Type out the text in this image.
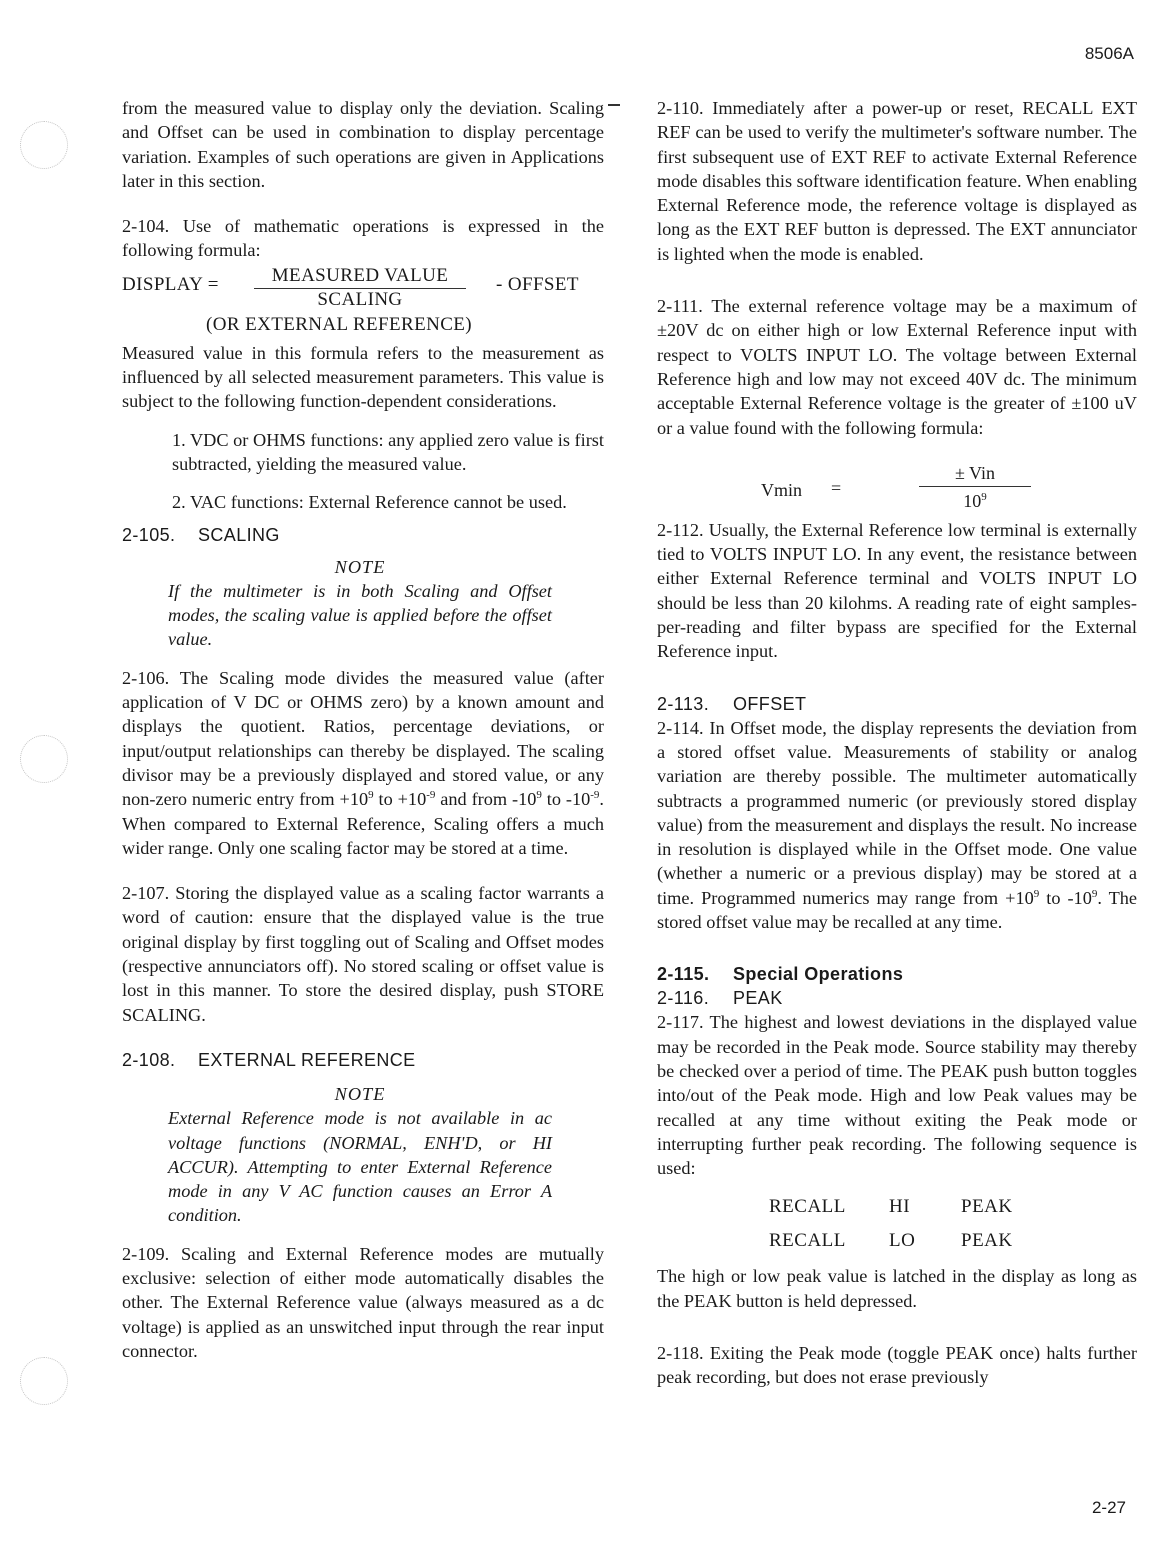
8506A

from the measured value to display only the deviation. Scaling and Offset can be used in combination to display percentage variation. Examples of such operations are given in Applications later in this section.

2-104. Use of mathematic operations is expressed in the following formula:

DISPLAY =	MEASURED VALUE
SCALING
- OFFSET
(OR EXTERNAL REFERENCE)

Measured value in this formula refers to the measurement as influenced by all selected measurement parameters. This value is subject to the following function-dependent considerations.

1. VDC or OHMS functions: any applied zero value is first subtracted, yielding the measured value.

2. VAC functions: External Reference cannot be used.

2-105. SCALING

NOTE
If the multimeter is in both Scaling and Offset modes, the scaling value is applied before the offset value.

2-106. The Scaling mode divides the measured value (after application of V DC or OHMS zero) by a known amount and displays the quotient. Ratios, percentage deviations, or input/output relationships can thereby be displayed. The scaling divisor may be a previously displayed and stored value, or any non-zero numeric entry from $+10^9$ to $+10^{-9}$ and from $-10^9$ to $-10^{-9}$. When compared to External Reference, Scaling offers a much wider range. Only one scaling factor may be stored at a time.

2-107. Storing the displayed value as a scaling factor warrants a word of caution: ensure that the displayed value is the true original display by first toggling out of Scaling and Offset modes (respective annunciators off). No stored scaling or offset value is lost in this manner. To store the desired display, push STORE SCALING.

2-108. EXTERNAL REFERENCE

NOTE
External Reference mode is not available in ac voltage functions (NORMAL, ENH'D, or HI ACCUR). Attempting to enter External Reference mode in any V AC function causes an Error A condition.

2-109. Scaling and External Reference modes are mutually exclusive: selection of either mode automatically disables the other. The External Reference value (always measured as a dc voltage) is applied as an unswitched input through the rear input connector.

2-110. Immediately after a power-up or reset, RECALL EXT REF can be used to verify the multimeter's software number. The first subsequent use of EXT REF to activate External Reference mode disables this software identification feature. When enabling External Reference mode, the reference voltage is displayed as long as the EXT REF button is depressed. The EXT annunciator is lighted when the mode is enabled.

2-111. The external reference voltage may be a maximum of ±20V dc on either high or low External Reference input with respect to VOLTS INPUT LO. The voltage between External Reference high and low may not exceed 40V dc. The minimum acceptable External Reference voltage is the greater of ±100 uV or a value found with the following formula:

Vmin =
± Vin
$10^9$

2-112. Usually, the External Reference low terminal is externally tied to VOLTS INPUT LO. In any event, the resistance between either External Reference terminal and VOLTS INPUT LO should be less than 20 kilohms. A reading rate of eight samples-per-reading and filter bypass are specified for the External Reference input.

2-113. OFFSET

2-114. In Offset mode, the display represents the deviation from a stored offset value. Measurements of stability or analog variation are thereby possible. The multimeter automatically subtracts a programmed numeric (or previously stored display value) from the measurement and displays the result. No increase in resolution is displayed while in the Offset mode. One value (whether a numeric or a previous display) may be stored at a time. Programmed numerics may range from $+10^9$ to $-10^9$. The stored offset value may be recalled at any time.

2-115. Special Operations

2-116. PEAK

2-117. The highest and lowest deviations in the displayed value may be recorded in the Peak mode. Source stability may thereby be checked over a period of time. The PEAK push button toggles into/out of the Peak mode. High and low Peak values may be recalled at any time without exiting the Peak mode or interrupting further peak recording. The following sequence is used:

RECALL HI	PEAK
RECALL LO PEAK

The high or low peak value is latched in the display as long as the PEAK button is held depressed.

2-118. Exiting the Peak mode (toggle PEAK once) halts further peak recording, but does not erase previously

2-27
